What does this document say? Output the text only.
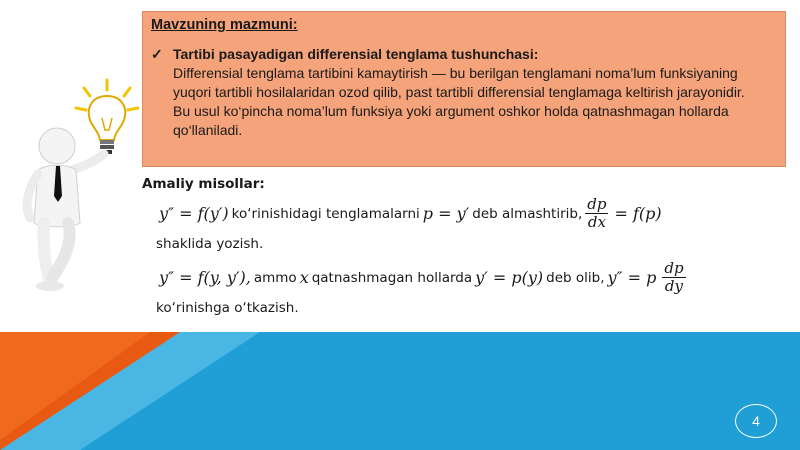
Mavzuning mazmuni:
✓ Tartibi pasayadigan differensial tenglama tushunchasi:
Differensial tenglama tartibini kamaytirish — bu berilgan tenglamani noma’lum funksiyaning yuqori tartibli hosilalaridan ozod qilib, past tartibli differensial tenglamaga keltirish jarayonidir.
Bu usul ko‘pincha noma’lum funksiya yoki argument oshkor holda qatnashmagan hollarda qo‘llaniladi.
Amaliy misollar:
y″ = f(y′) ko‘rinishidagi tenglamalarni p = y′ deb almashtirib, $\frac{dp}{dx} = f(p)$
shaklida yozish.
y″ = f(y, y′), ammo x qatnashmagan hollarda y′ = p(y) deb olib, y″ = p $\frac{dp}{dy}$
ko‘rinishga o‘tkazish.
4
